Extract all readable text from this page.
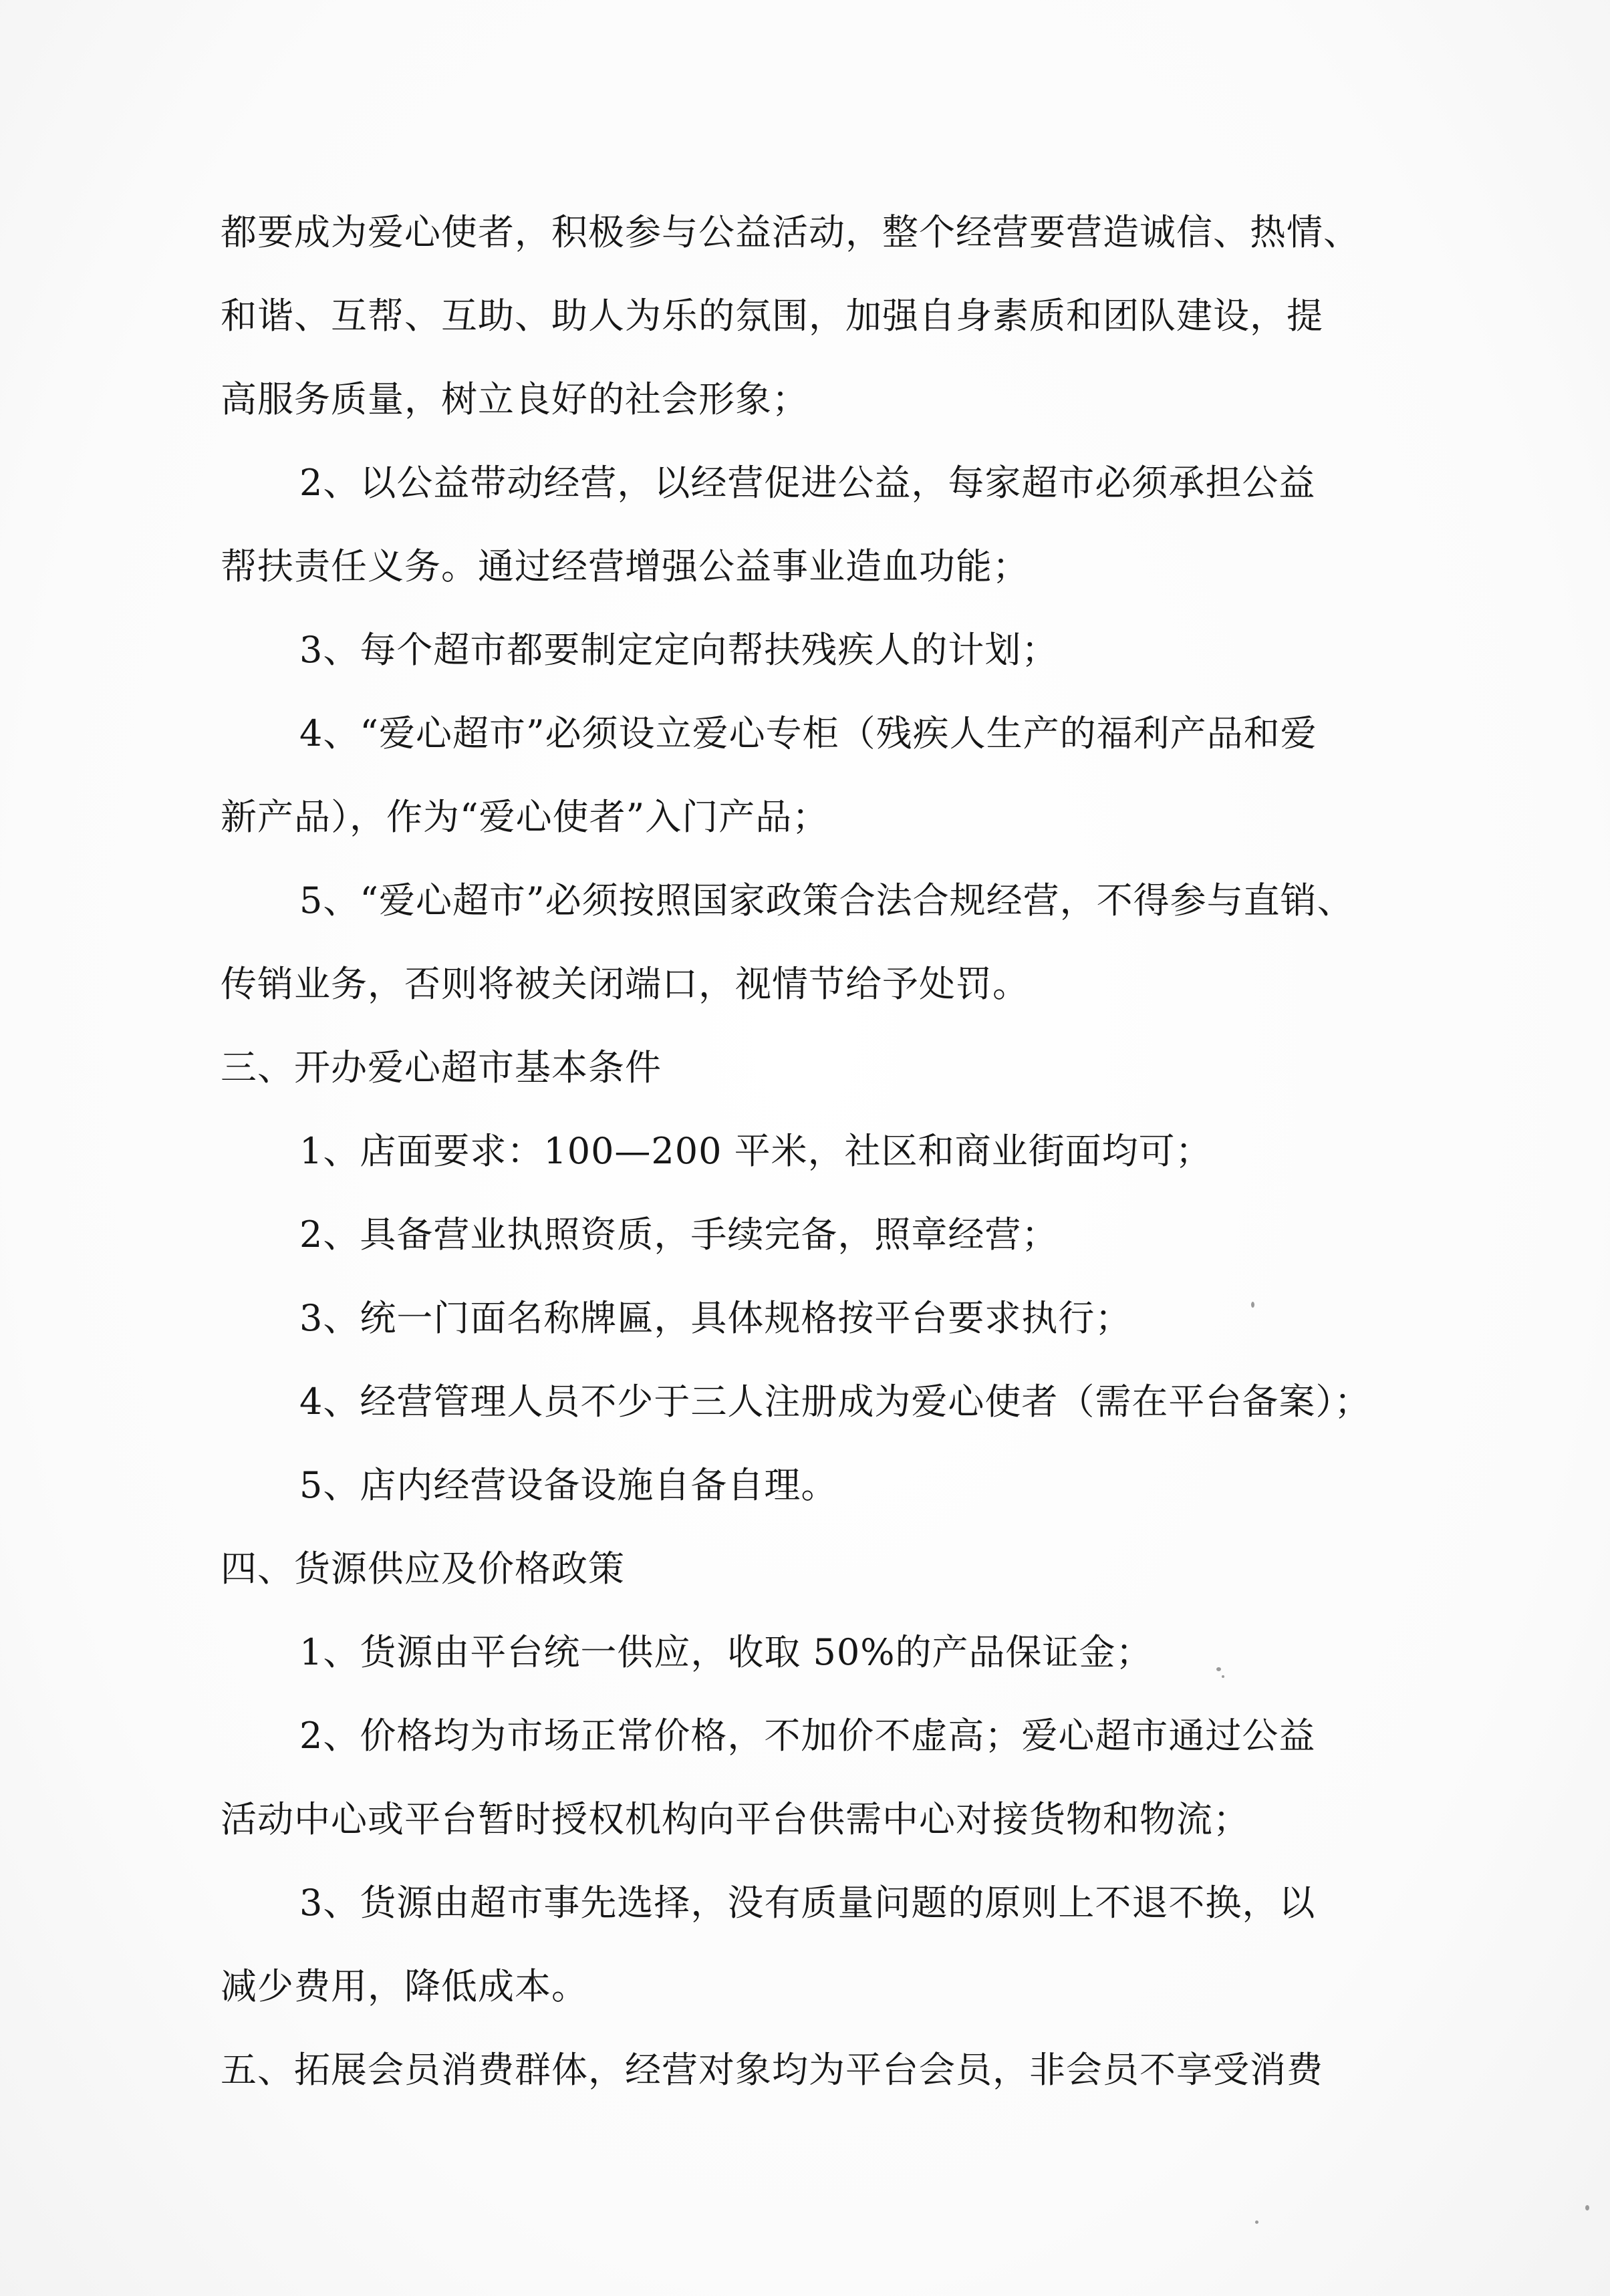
都要成为爱心使者，积极参与公益活动，整个经营要营造诚信、热情、

和谐、互帮、互助、助人为乐的氛围，加强自身素质和团队建设，提

高服务质量，树立良好的社会形象；

2、以公益带动经营，以经营促进公益，每家超市必须承担公益

帮扶责任义务。通过经营增强公益事业造血功能；

3、每个超市都要制定定向帮扶残疾人的计划；

4、“爱心超市”必须设立爱心专柜（残疾人生产的福利产品和爱

新产品），作为“爱心使者”入门产品；

5、“爱心超市”必须按照国家政策合法合规经营，不得参与直销、

传销业务，否则将被关闭端口，视情节给予处罚。

三、开办爱心超市基本条件

1、店面要求：100—200 平米，社区和商业街面均可；

2、具备营业执照资质，手续完备，照章经营；

3、统一门面名称牌匾，具体规格按平台要求执行；

4、经营管理人员不少于三人注册成为爱心使者（需在平台备案）；

5、店内经营设备设施自备自理。

四、货源供应及价格政策

1、货源由平台统一供应，收取 50%的产品保证金；

2、价格均为市场正常价格，不加价不虚高；爱心超市通过公益

活动中心或平台暂时授权机构向平台供需中心对接货物和物流；

3、货源由超市事先选择，没有质量问题的原则上不退不换，以

减少费用，降低成本。

五、拓展会员消费群体，经营对象均为平台会员，非会员不享受消费
